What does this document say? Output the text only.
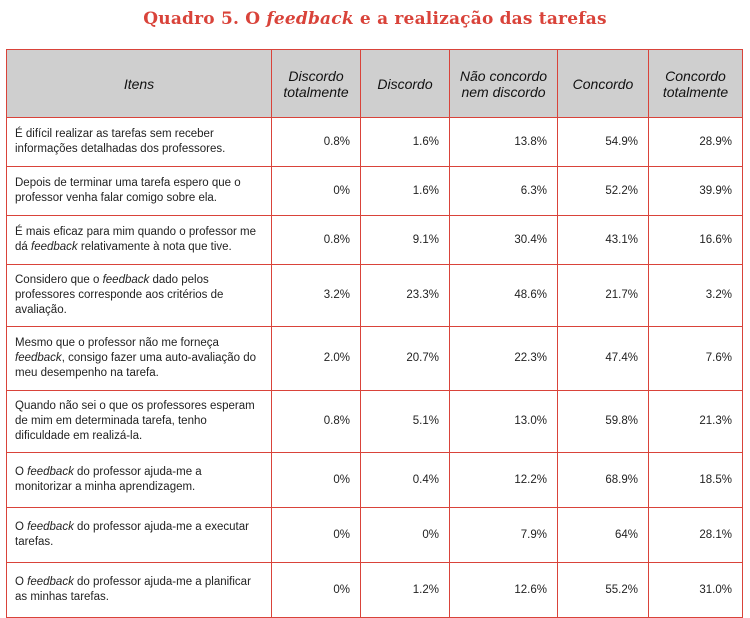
Quadro 5. O feedback e a realização das tarefas
Itens	Discordo totalmente	Discordo	Não concordo nem discordo	Concordo	Concordo totalmente
É difícil realizar as tarefas sem receber informações detalhadas dos professores.	0.8%	1.6%	13.8%	54.9%	28.9%
Depois de terminar uma tarefa espero que o professor venha falar comigo sobre ela.	0%	1.6%	6.3%	52.2%	39.9%
É mais eficaz para mim quando o professor me dá feedback relativamente à nota que tive.	0.8%	9.1%	30.4%	43.1%	16.6%
Considero que o feedback dado pelos professores corresponde aos critérios de avaliação.	3.2%	23.3%	48.6%	21.7%	3.2%
Mesmo que o professor não me forneça feedback, consigo fazer uma auto-avaliação do meu desempenho na tarefa.	2.0%	20.7%	22.3%	47.4%	7.6%
Quando não sei o que os professores esperam de mim em determinada tarefa, tenho dificuldade em realizá-la.	0.8%	5.1%	13.0%	59.8%	21.3%
O feedback do professor ajuda-me a monitorizar a minha aprendizagem.	0%	0.4%	12.2%	68.9%	18.5%
O feedback do professor ajuda-me a executar tarefas.	0%	0%	7.9%	64%	28.1%
O feedback do professor ajuda-me a planificar as minhas tarefas.	0%	1.2%	12.6%	55.2%	31.0%
